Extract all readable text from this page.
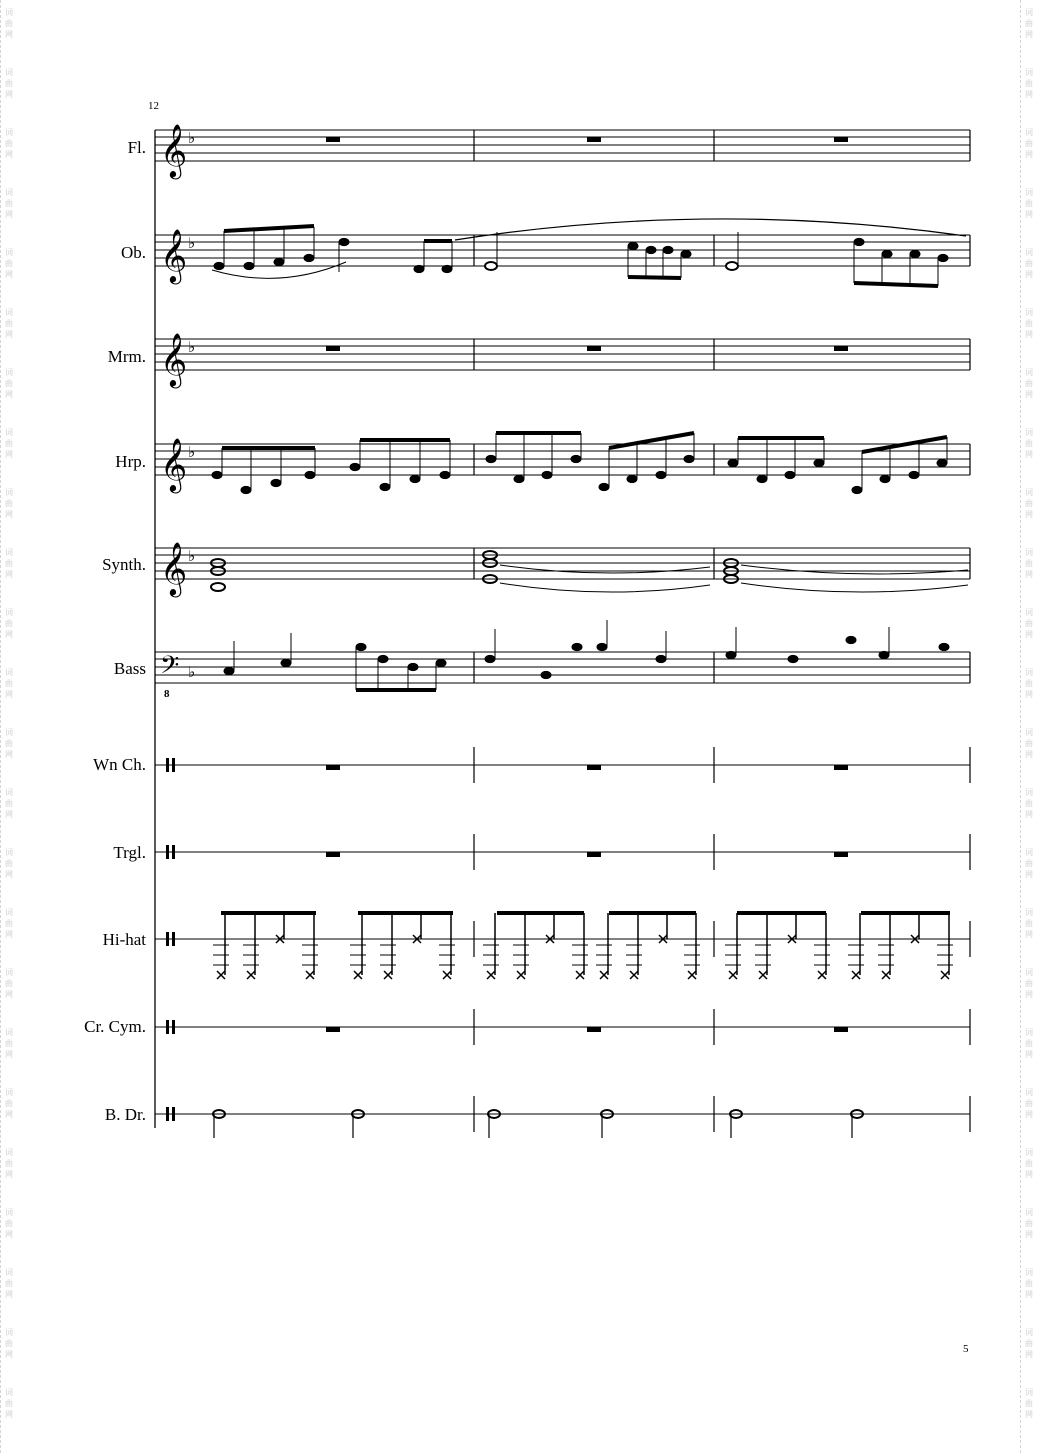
12
5
Fl.
Ob.
Mrm.
Hrp.
Synth.
Bass
Wn Ch.
Trgl.
Hi-hat
Cr. Cym.
B. Dr.
𝄞
𝄞
𝄞
𝄞
𝄞
𝄢
8
♭
♭
♭
♭
♭
♭
词
曲
网
词
曲
网
词
曲
网
词
曲
网
词
曲
网
词
曲
网
词
曲
网
词
曲
网
词
曲
网
词
曲
网
词
曲
网
词
曲
网
词
曲
网
词
曲
网
词
曲
网
词
曲
网
词
曲
网
词
曲
网
词
曲
网
词
曲
网
词
曲
网
词
曲
网
词
曲
网
词
曲
网
词
曲
网
词
曲
网
词
曲
网
词
曲
网
词
曲
网
词
曲
网
词
曲
网
词
曲
网
词
曲
网
词
曲
网
词
曲
网
词
曲
网
词
曲
网
词
曲
网
词
曲
网
词
曲
网
词
曲
网
词
曲
网
词
曲
网
词
曲
网
词
曲
网
词
曲
网
词
曲
网
词
曲
网
